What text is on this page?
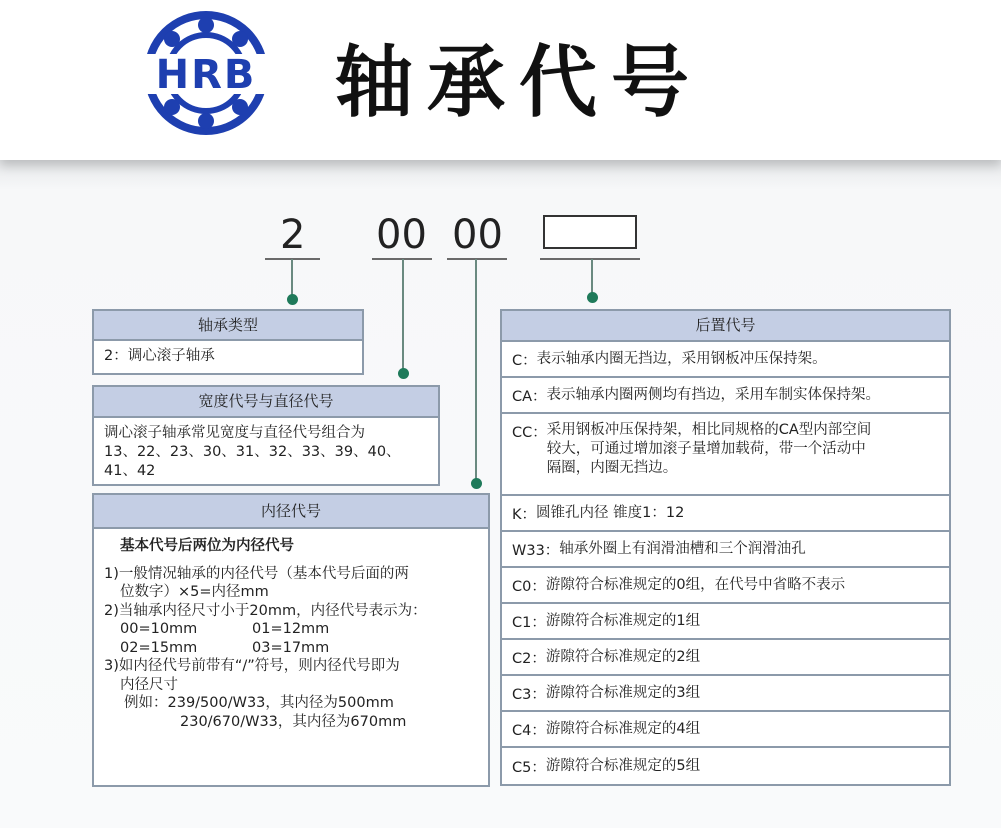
HRB 轴承代号
2 00 00
轴承类型
2：调心滚子轴承
宽度代号与直径代号
调心滚子轴承常见宽度与直径代号组合为
13、22、23、30、31、32、33、39、40、
41、42
内径代号
基本代号后两位为内径代号
1)一般情况轴承的内径代号（基本代号后面的两
位数字）×5=内径mm
2)当轴承内径尺寸小于20mm，内径代号表示为：
00=10mm	01=12mm
02=15mm	03=17mm
3)如内径代号前带有“/”符号，则内径代号即为
内径尺寸
例如：239/500/W33，其内径为500mm
230/670/W33，其内径为670mm
后置代号
C： 表示轴承内圈无挡边，采用钢板冲压保持架。
CA： 表示轴承内圈两侧均有挡边，采用车制实体保持架。
CC： 采用钢板冲压保持架，相比同规格的CA型内部空间
较大，可通过增加滚子量增加载荷，带一个活动中
隔圈，内圈无挡边。
K： 圆锥孔内径 锥度1：12
W33： 轴承外圈上有润滑油槽和三个润滑油孔
C0： 游隙符合标准规定的0组，在代号中省略不表示
C1： 游隙符合标准规定的1组
C2： 游隙符合标准规定的2组
C3： 游隙符合标准规定的3组
C4： 游隙符合标准规定的4组
C5： 游隙符合标准规定的5组
